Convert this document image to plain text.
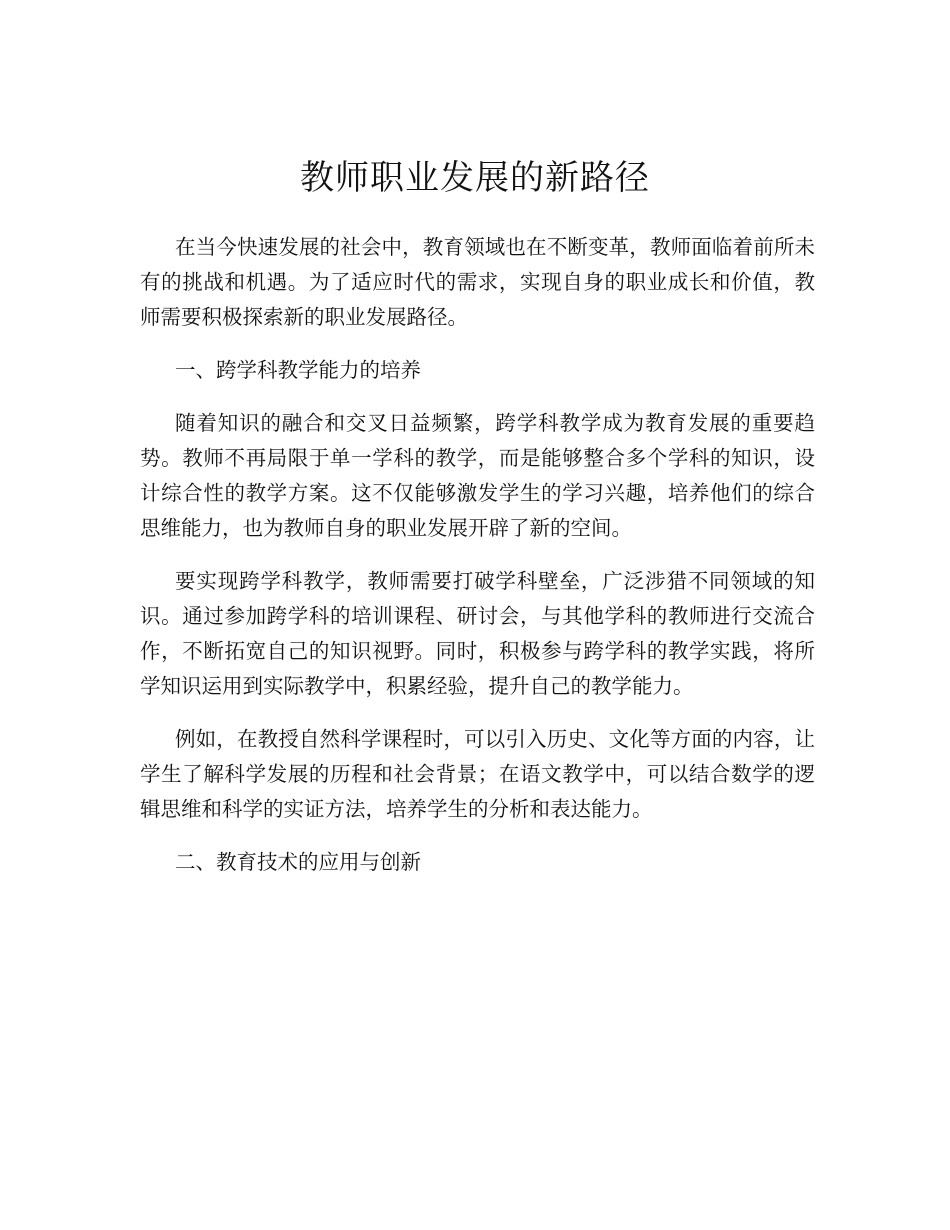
教师职业发展的新路径

在当今快速发展的社会中，教育领域也在不断变革，教师面临着前所未有的挑战和机遇。为了适应时代的需求，实现自身的职业成长和价值，教师需要积极探索新的职业发展路径。

一、跨学科教学能力的培养

随着知识的融合和交叉日益频繁，跨学科教学成为教育发展的重要趋势。教师不再局限于单一学科的教学，而是能够整合多个学科的知识，设计综合性的教学方案。这不仅能够激发学生的学习兴趣，培养他们的综合思维能力，也为教师自身的职业发展开辟了新的空间。

要实现跨学科教学，教师需要打破学科壁垒，广泛涉猎不同领域的知识。通过参加跨学科的培训课程、研讨会，与其他学科的教师进行交流合作，不断拓宽自己的知识视野。同时，积极参与跨学科的教学实践，将所学知识运用到实际教学中，积累经验，提升自己的教学能力。

例如，在教授自然科学课程时，可以引入历史、文化等方面的内容，让学生了解科学发展的历程和社会背景；在语文教学中，可以结合数学的逻辑思维和科学的实证方法，培养学生的分析和表达能力。

二、教育技术的应用与创新
